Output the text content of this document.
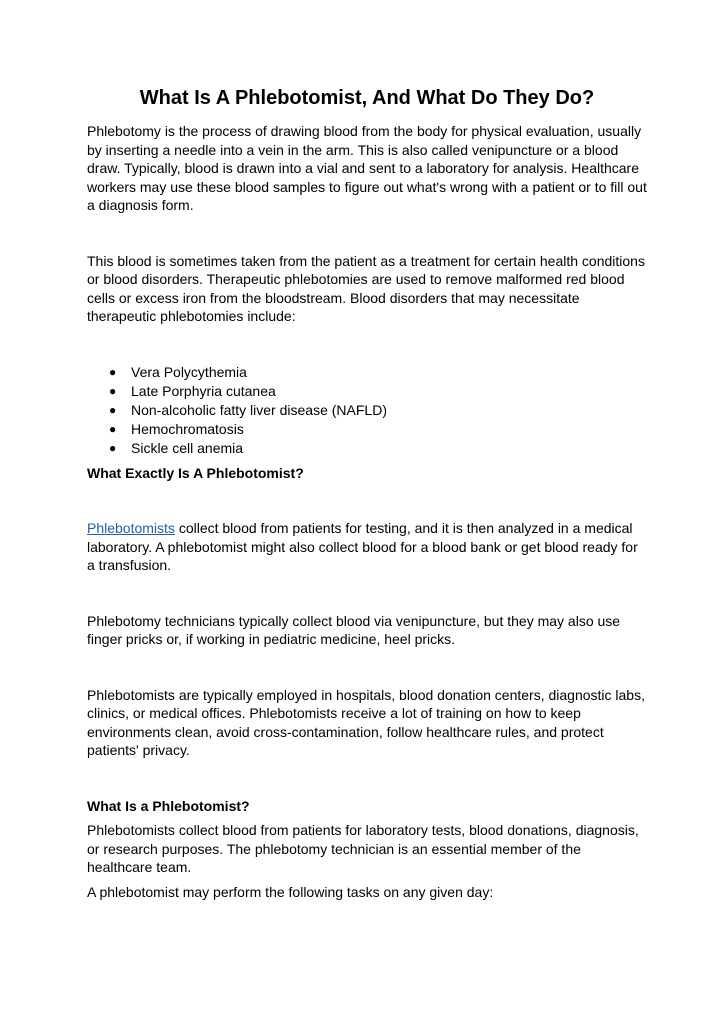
What Is A Phlebotomist, And What Do They Do?

Phlebotomy is the process of drawing blood from the body for physical evaluation, usually by inserting a needle into a vein in the arm. This is also called venipuncture or a blood draw. Typically, blood is drawn into a vial and sent to a laboratory for analysis. Healthcare workers may use these blood samples to figure out what's wrong with a patient or to fill out a diagnosis form.

This blood is sometimes taken from the patient as a treatment for certain health conditions or blood disorders. Therapeutic phlebotomies are used to remove malformed red blood cells or excess iron from the bloodstream. Blood disorders that may necessitate therapeutic phlebotomies include:

● Vera Polycythemia
● Late Porphyria cutanea
● Non-alcoholic fatty liver disease (NAFLD)
● Hemochromatosis
● Sickle cell anemia
What Exactly Is A Phlebotomist?

Phlebotomists collect blood from patients for testing, and it is then analyzed in a medical laboratory. A phlebotomist might also collect blood for a blood bank or get blood ready for a transfusion.

Phlebotomy technicians typically collect blood via venipuncture, but they may also use finger pricks or, if working in pediatric medicine, heel pricks.

Phlebotomists are typically employed in hospitals, blood donation centers, diagnostic labs, clinics, or medical offices. Phlebotomists receive a lot of training on how to keep environments clean, avoid cross-contamination, follow healthcare rules, and protect patients' privacy.

What Is a Phlebotomist?

Phlebotomists collect blood from patients for laboratory tests, blood donations, diagnosis, or research purposes. The phlebotomy technician is an essential member of the healthcare team.

A phlebotomist may perform the following tasks on any given day:
